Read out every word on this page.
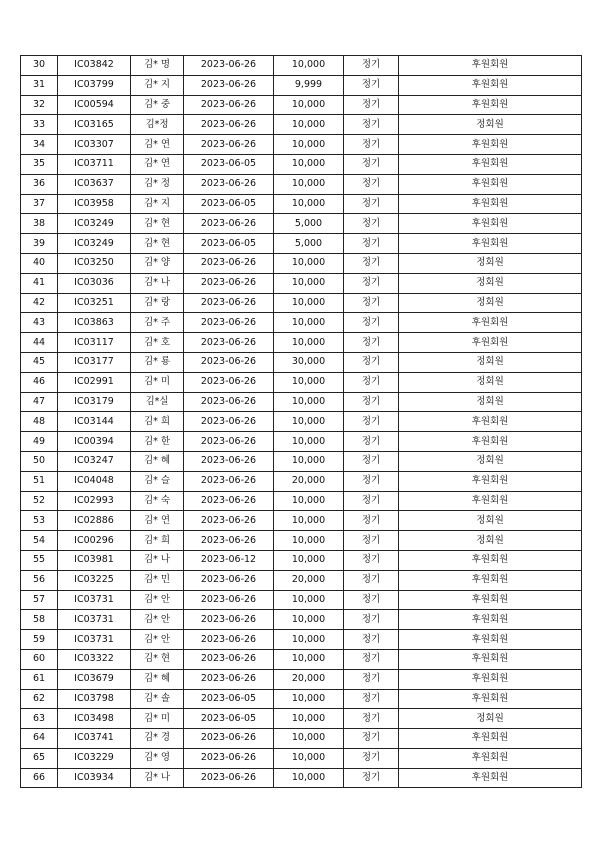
30	IC03842	김* 명	2023-06-26	10,000	정기	후원회원
31	IC03799	김* 지	2023-06-26	9,999	정기	후원회원
32	IC00594	김* 중	2023-06-26	10,000	정기	후원회원
33	IC03165	김*정	2023-06-26	10,000	정기	정회원
34	IC03307	김* 연	2023-06-26	10,000	정기	후원회원
35	IC03711	김* 연	2023-06-05	10,000	정기	후원회원
36	IC03637	김* 정	2023-06-26	10,000	정기	후원회원
37	IC03958	김* 지	2023-06-05	10,000	정기	후원회원
38	IC03249	김* 현	2023-06-26	5,000	정기	후원회원
39	IC03249	김* 현	2023-06-05	5,000	정기	후원회원
40	IC03250	김* 양	2023-06-26	10,000	정기	정회원
41	IC03036	김* 나	2023-06-26	10,000	정기	정회원
42	IC03251	김* 랑	2023-06-26	10,000	정기	정회원
43	IC03863	김* 주	2023-06-26	10,000	정기	후원회원
44	IC03117	김* 호	2023-06-26	10,000	정기	후원회원
45	IC03177	김* 룡	2023-06-26	30,000	정기	정회원
46	IC02991	김* 미	2023-06-26	10,000	정기	정회원
47	IC03179	김*실	2023-06-26	10,000	정기	정회원
48	IC03144	김* 희	2023-06-26	10,000	정기	후원회원
49	IC00394	김* 한	2023-06-26	10,000	정기	후원회원
50	IC03247	김* 혜	2023-06-26	10,000	정기	정회원
51	IC04048	김* 슬	2023-06-26	20,000	정기	후원회원
52	IC02993	김* 숙	2023-06-26	10,000	정기	후원회원
53	IC02886	김* 연	2023-06-26	10,000	정기	정회원
54	IC00296	김* 희	2023-06-26	10,000	정기	정회원
55	IC03981	김* 나	2023-06-12	10,000	정기	후원회원
56	IC03225	김* 민	2023-06-26	20,000	정기	후원회원
57	IC03731	김* 안	2023-06-26	10,000	정기	후원회원
58	IC03731	김* 안	2023-06-26	10,000	정기	후원회원
59	IC03731	김* 안	2023-06-26	10,000	정기	후원회원
60	IC03322	김* 현	2023-06-26	10,000	정기	후원회원
61	IC03679	김* 혜	2023-06-26	20,000	정기	후원회원
62	IC03798	김* 솔	2023-06-05	10,000	정기	후원회원
63	IC03498	김* 미	2023-06-05	10,000	정기	정회원
64	IC03741	김* 경	2023-06-26	10,000	정기	후원회원
65	IC03229	김* 영	2023-06-26	10,000	정기	후원회원
66	IC03934	김* 나	2023-06-26	10,000	정기	후원회원
